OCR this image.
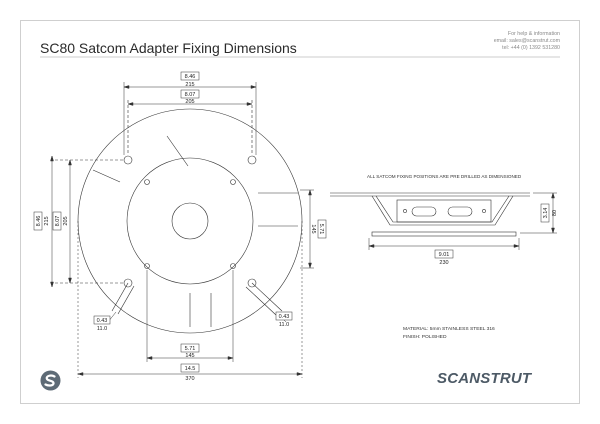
SC80 Satcom Adapter Fixing Dimensions
For help & information
email: sales@scanstrut.com
tel: +44 (0) 1392 531280
8.46
215
8.07
205
8.46 215 8.07 205
5.71
145
5.71
145
14.5
370
0.43
11.0
0.43
11.0
9.01
230
3.14 80
ALL SATCOM FIXING POSITIONS ARE PRE DRILLED AS DIMENSIONED
MATERIAL: 5mm STAINLESS STEEL 316
FINISH: POLISHED
SCANSTRUT
